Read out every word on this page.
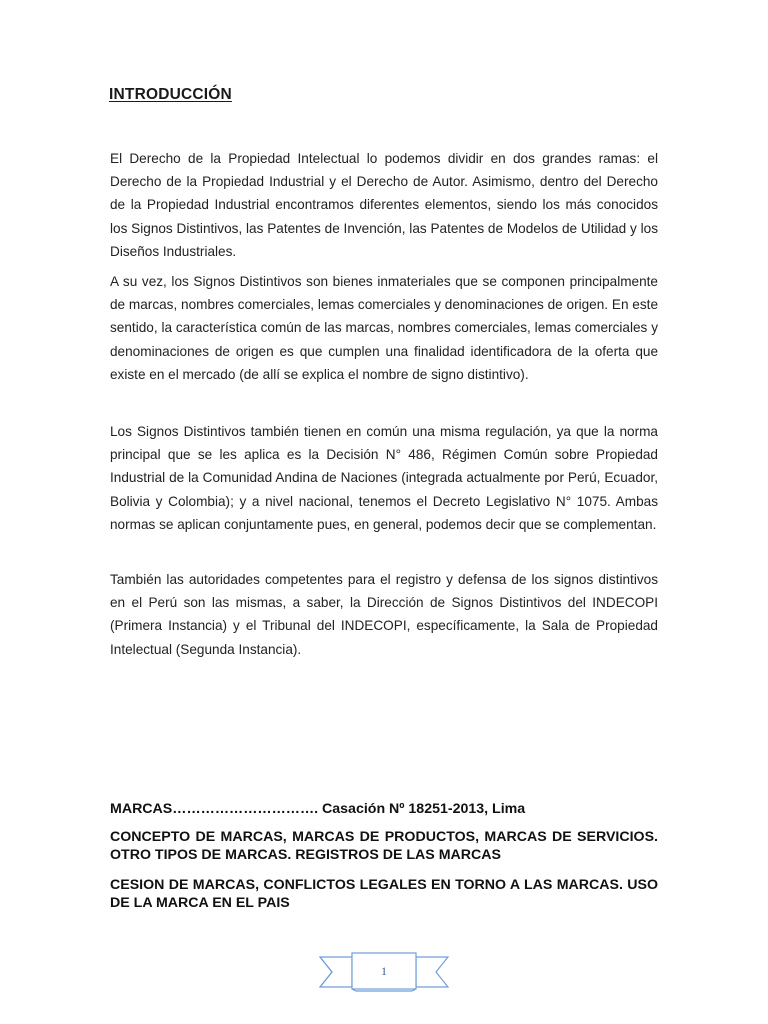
INTRODUCCIÓN

El Derecho de la Propiedad Intelectual lo podemos dividir en dos grandes ramas: el Derecho de la Propiedad Industrial y el Derecho de Autor. Asimismo, dentro del Derecho de la Propiedad Industrial encontramos diferentes elementos, siendo los más conocidos los Signos Distintivos, las Patentes de Invención, las Patentes de Modelos de Utilidad y los Diseños Industriales.

A su vez, los Signos Distintivos son bienes inmateriales que se componen principalmente de marcas, nombres comerciales, lemas comerciales y denominaciones de origen. En este sentido, la característica común de las marcas, nombres comerciales, lemas comerciales y denominaciones de origen es que cumplen una finalidad identificadora de la oferta que existe en el mercado (de allí se explica el nombre de signo distintivo).

Los Signos Distintivos también tienen en común una misma regulación, ya que la norma principal que se les aplica es la Decisión N° 486, Régimen Común sobre Propiedad Industrial de la Comunidad Andina de Naciones (integrada actualmente por Perú, Ecuador, Bolivia y Colombia); y a nivel nacional, tenemos el Decreto Legislativo N° 1075. Ambas normas se aplican conjuntamente pues, en general, podemos decir que se complementan.

También las autoridades competentes para el registro y defensa de los signos distintivos en el Perú son las mismas, a saber, la Dirección de Signos Distintivos del INDECOPI (Primera Instancia) y el Tribunal del INDECOPI, específicamente, la Sala de Propiedad Intelectual (Segunda Instancia).

MARCAS…………………………. Casación Nº 18251-2013, Lima

CONCEPTO DE MARCAS, MARCAS DE PRODUCTOS, MARCAS DE SERVICIOS. OTRO TIPOS DE MARCAS. REGISTROS DE LAS MARCAS

CESION DE MARCAS, CONFLICTOS LEGALES EN TORNO A LAS MARCAS. USO DE LA MARCA EN EL PAIS

1
